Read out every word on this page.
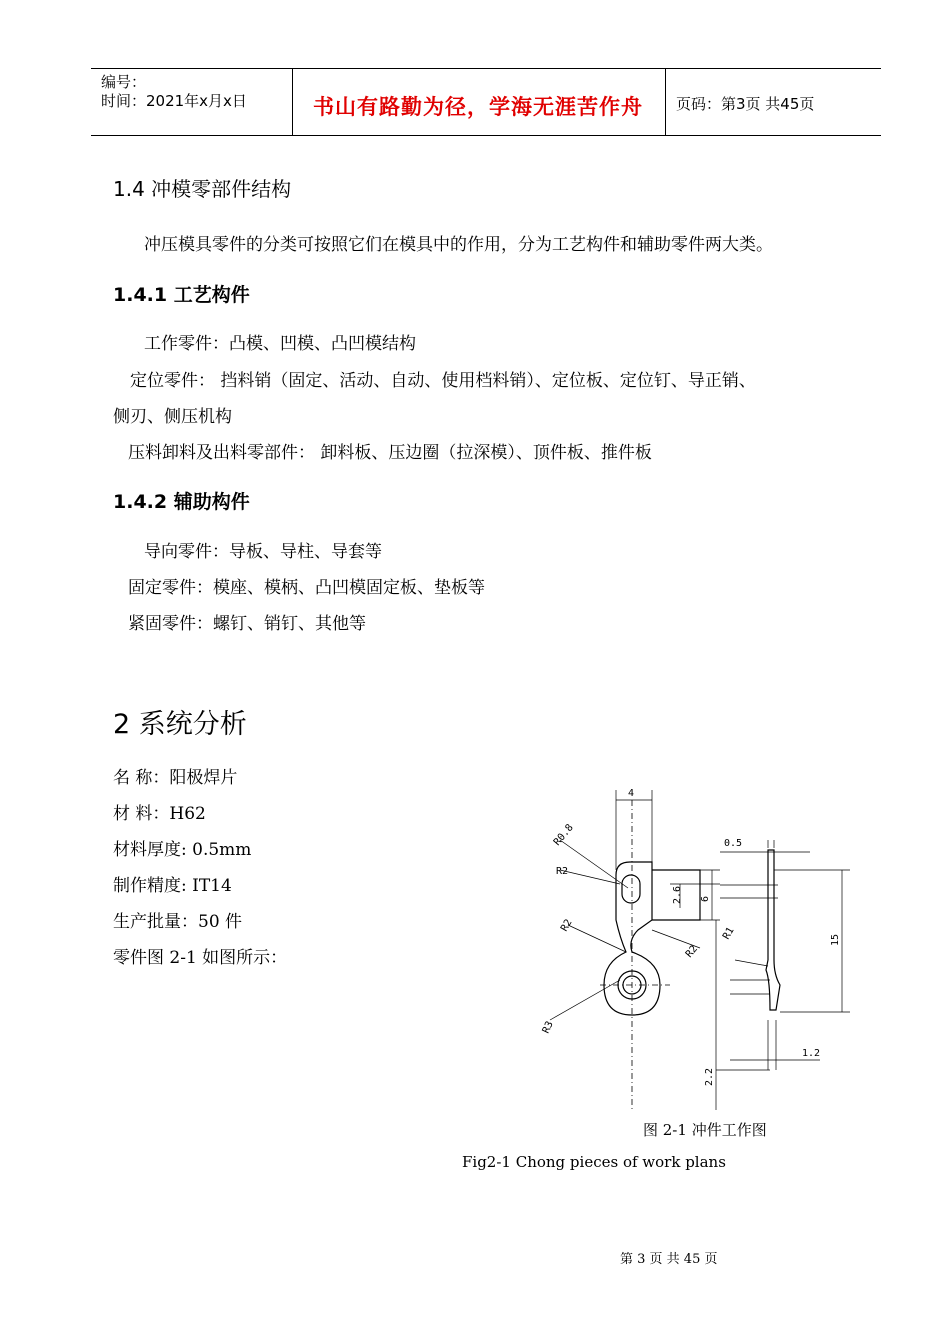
编号：
时间：2021年x月x日	书山有路勤为径，学海无涯苦作舟 页码：第3页 共45页
1.4 冲模零部件结构

冲压模具零件的分类可按照它们在模具中的作用，分为工艺构件和辅助零件两大类。

1.4.1 工艺构件

工作零件：凸模、凹模、凸凹模结构

定位零件： 挡料销（固定、活动、自动、使用档料销）、定位板、定位钉、导正销、

侧刃、侧压机构

压料卸料及出料零部件： 卸料板、压边圈（拉深模）、顶件板、推件板

1.4.2 辅助构件

导向零件：导板、导柱、导套等

固定零件：模座、模柄、凸凹模固定板、垫板等

紧固零件：螺钉、销钉、其他等

2 系统分析

名 称：阳极焊片

材 料：H62

材料厚度: 0.5mm

制作精度: IT14

生产批量：50 件

零件图 2-1 如图所示：

4
R0.8
R2
2.6 6
R2
R2
R3
0.5
R1	15
1.2
2.2

图 2-1 冲件工作图

Fig2-1 Chong pieces of work plans

第 3 页 共 45 页
